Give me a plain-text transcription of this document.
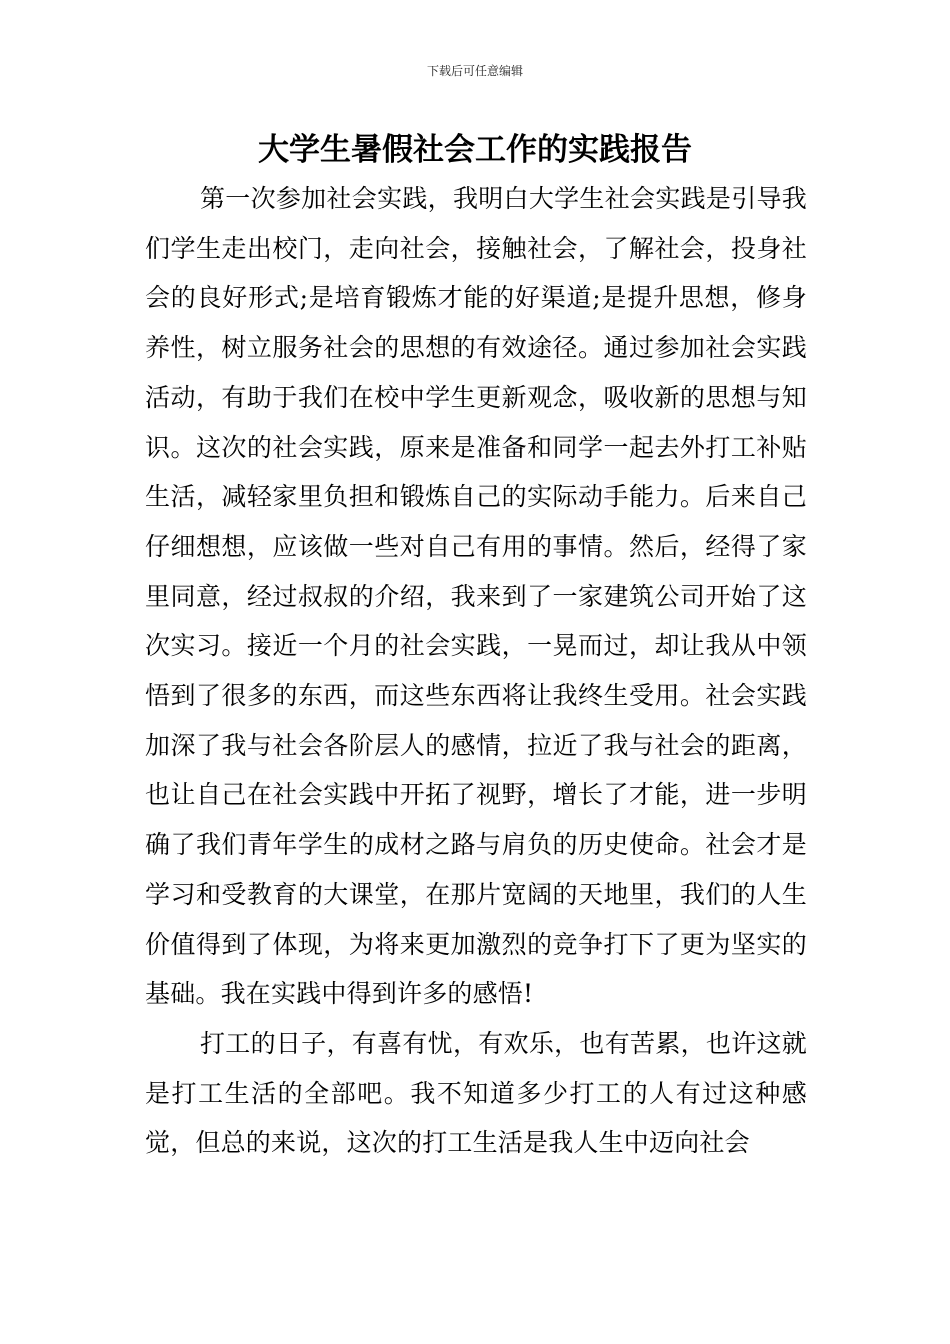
下载后可任意编辑
大学生暑假社会工作的实践报告

第一次参加社会实践，我明白大学生社会实践是引导我们学生走出校门，走向社会，接触社会，了解社会，投身社会的良好形式;是培育锻炼才能的好渠道;是提升思想，修身养性，树立服务社会的思想的有效途径。通过参加社会实践活动，有助于我们在校中学生更新观念，吸收新的思想与知识。这次的社会实践，原来是准备和同学一起去外打工补贴生活，减轻家里负担和锻炼自己的实际动手能力。后来自己仔细想想，应该做一些对自己有用的事情。然后，经得了家里同意，经过叔叔的介绍，我来到了一家建筑公司开始了这次实习。接近一个月的社会实践，一晃而过，却让我从中领悟到了很多的东西，而这些东西将让我终生受用。社会实践加深了我与社会各阶层人的感情，拉近了我与社会的距离，也让自己在社会实践中开拓了视野，增长了才能，进一步明确了我们青年学生的成材之路与肩负的历史使命。社会才是学习和受教育的大课堂，在那片宽阔的天地里，我们的人生价值得到了体现，为将来更加激烈的竞争打下了更为坚实的基础。我在实践中得到许多的感悟!

打工的日子，有喜有忧，有欢乐，也有苦累，也许这就是打工生活的全部吧。我不知道多少打工的人有过这种感觉，但总的来说，这次的打工生活是我人生中迈向社会
